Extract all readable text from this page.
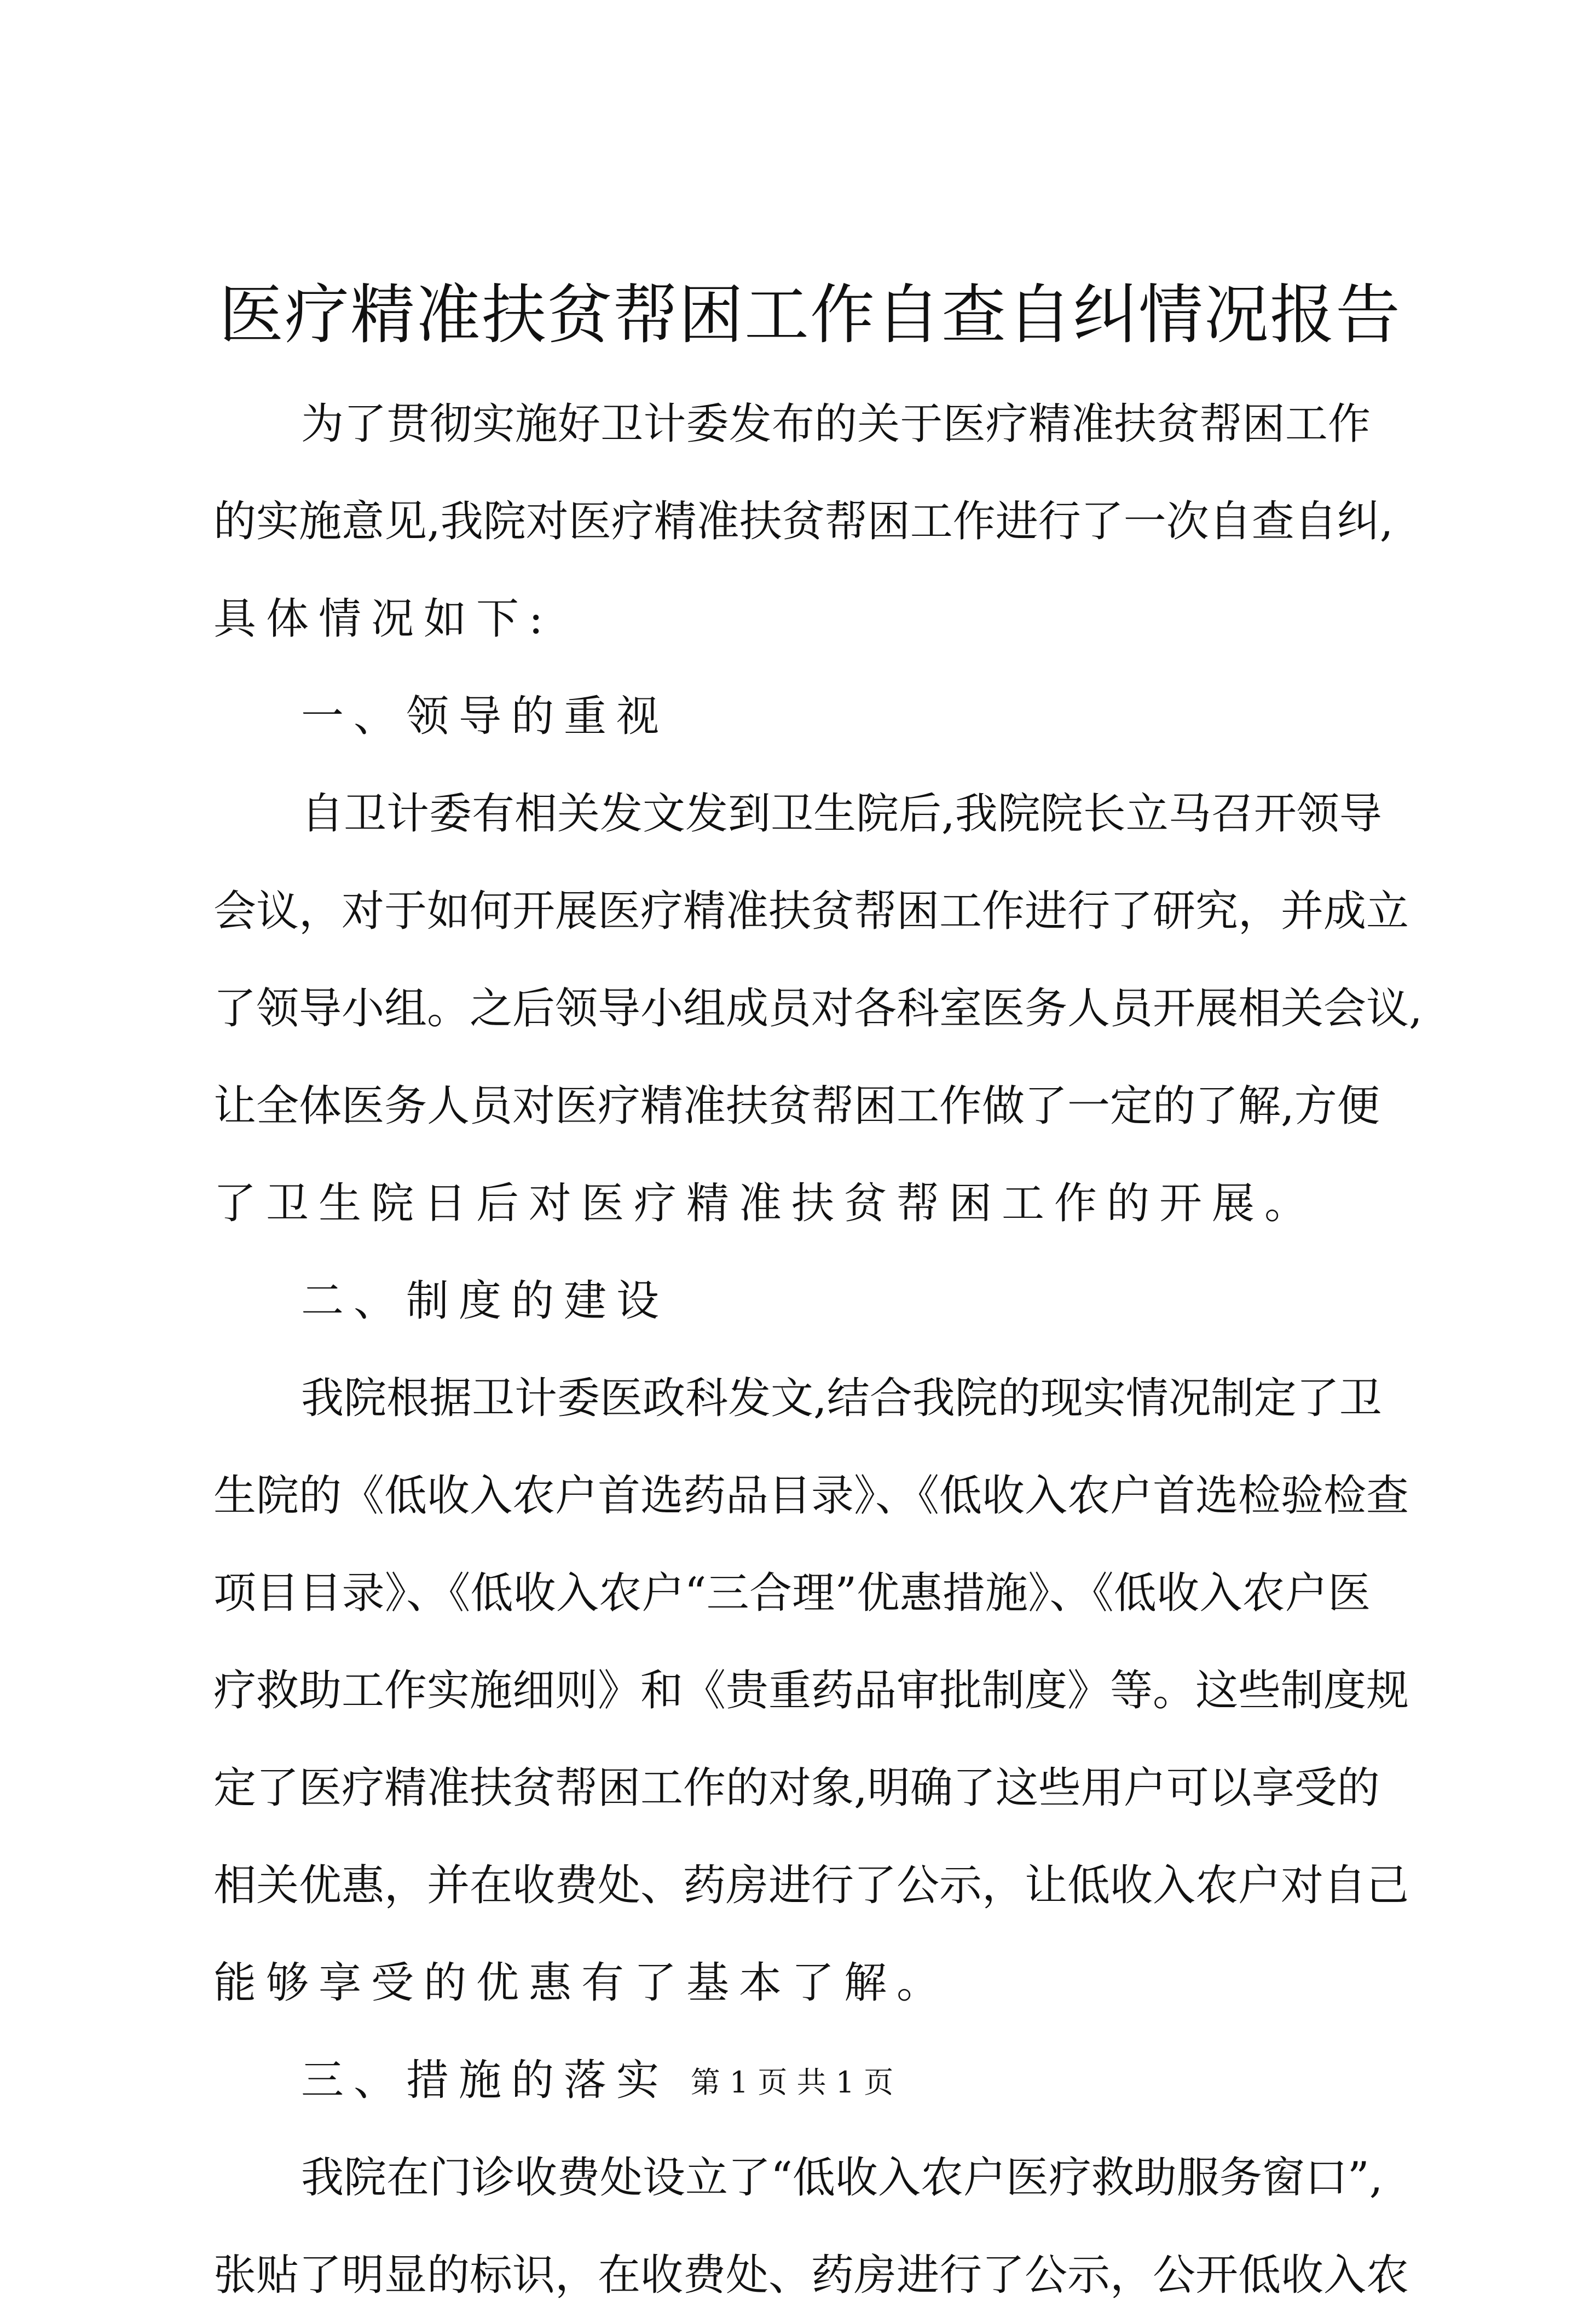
医疗精准扶贫帮困工作自查自纠情况报告
为了贯彻实施好卫计委发布的关于医疗精准扶贫帮困工作
的实施意见,我院对医疗精准扶贫帮困工作进行了一次自查自纠,
具体情况如下:
一、领导的重视
自卫计委有相关发文发到卫生院后,我院院长立马召开领导
会议，对于如何开展医疗精准扶贫帮困工作进行了研究，并成立
了领导小组。之后领导小组成员对各科室医务人员开展相关会议,
让全体医务人员对医疗精准扶贫帮困工作做了一定的了解,方便
了卫生院日后对医疗精准扶贫帮困工作的开展。
二、制度的建设
我院根据卫计委医政科发文,结合我院的现实情况制定了卫
生院的《低收入农户首选药品目录》、《低收入农户首选检验检查
项目目录》、《低收入农户“三合理”优惠措施》、《低收入农户医
疗救助工作实施细则》和《贵重药品审批制度》等。这些制度规
定了医疗精准扶贫帮困工作的对象,明确了这些用户可以享受的
相关优惠，并在收费处、药房进行了公示，让低收入农户对自己
能够享受的优惠有了基本了解。
三、措施的落实
我院在门诊收费处设立了“低收入农户医疗救助服务窗口”,
张贴了明显的标识，在收费处、药房进行了公示，公开低收入农
第 1 页 共 1 页
